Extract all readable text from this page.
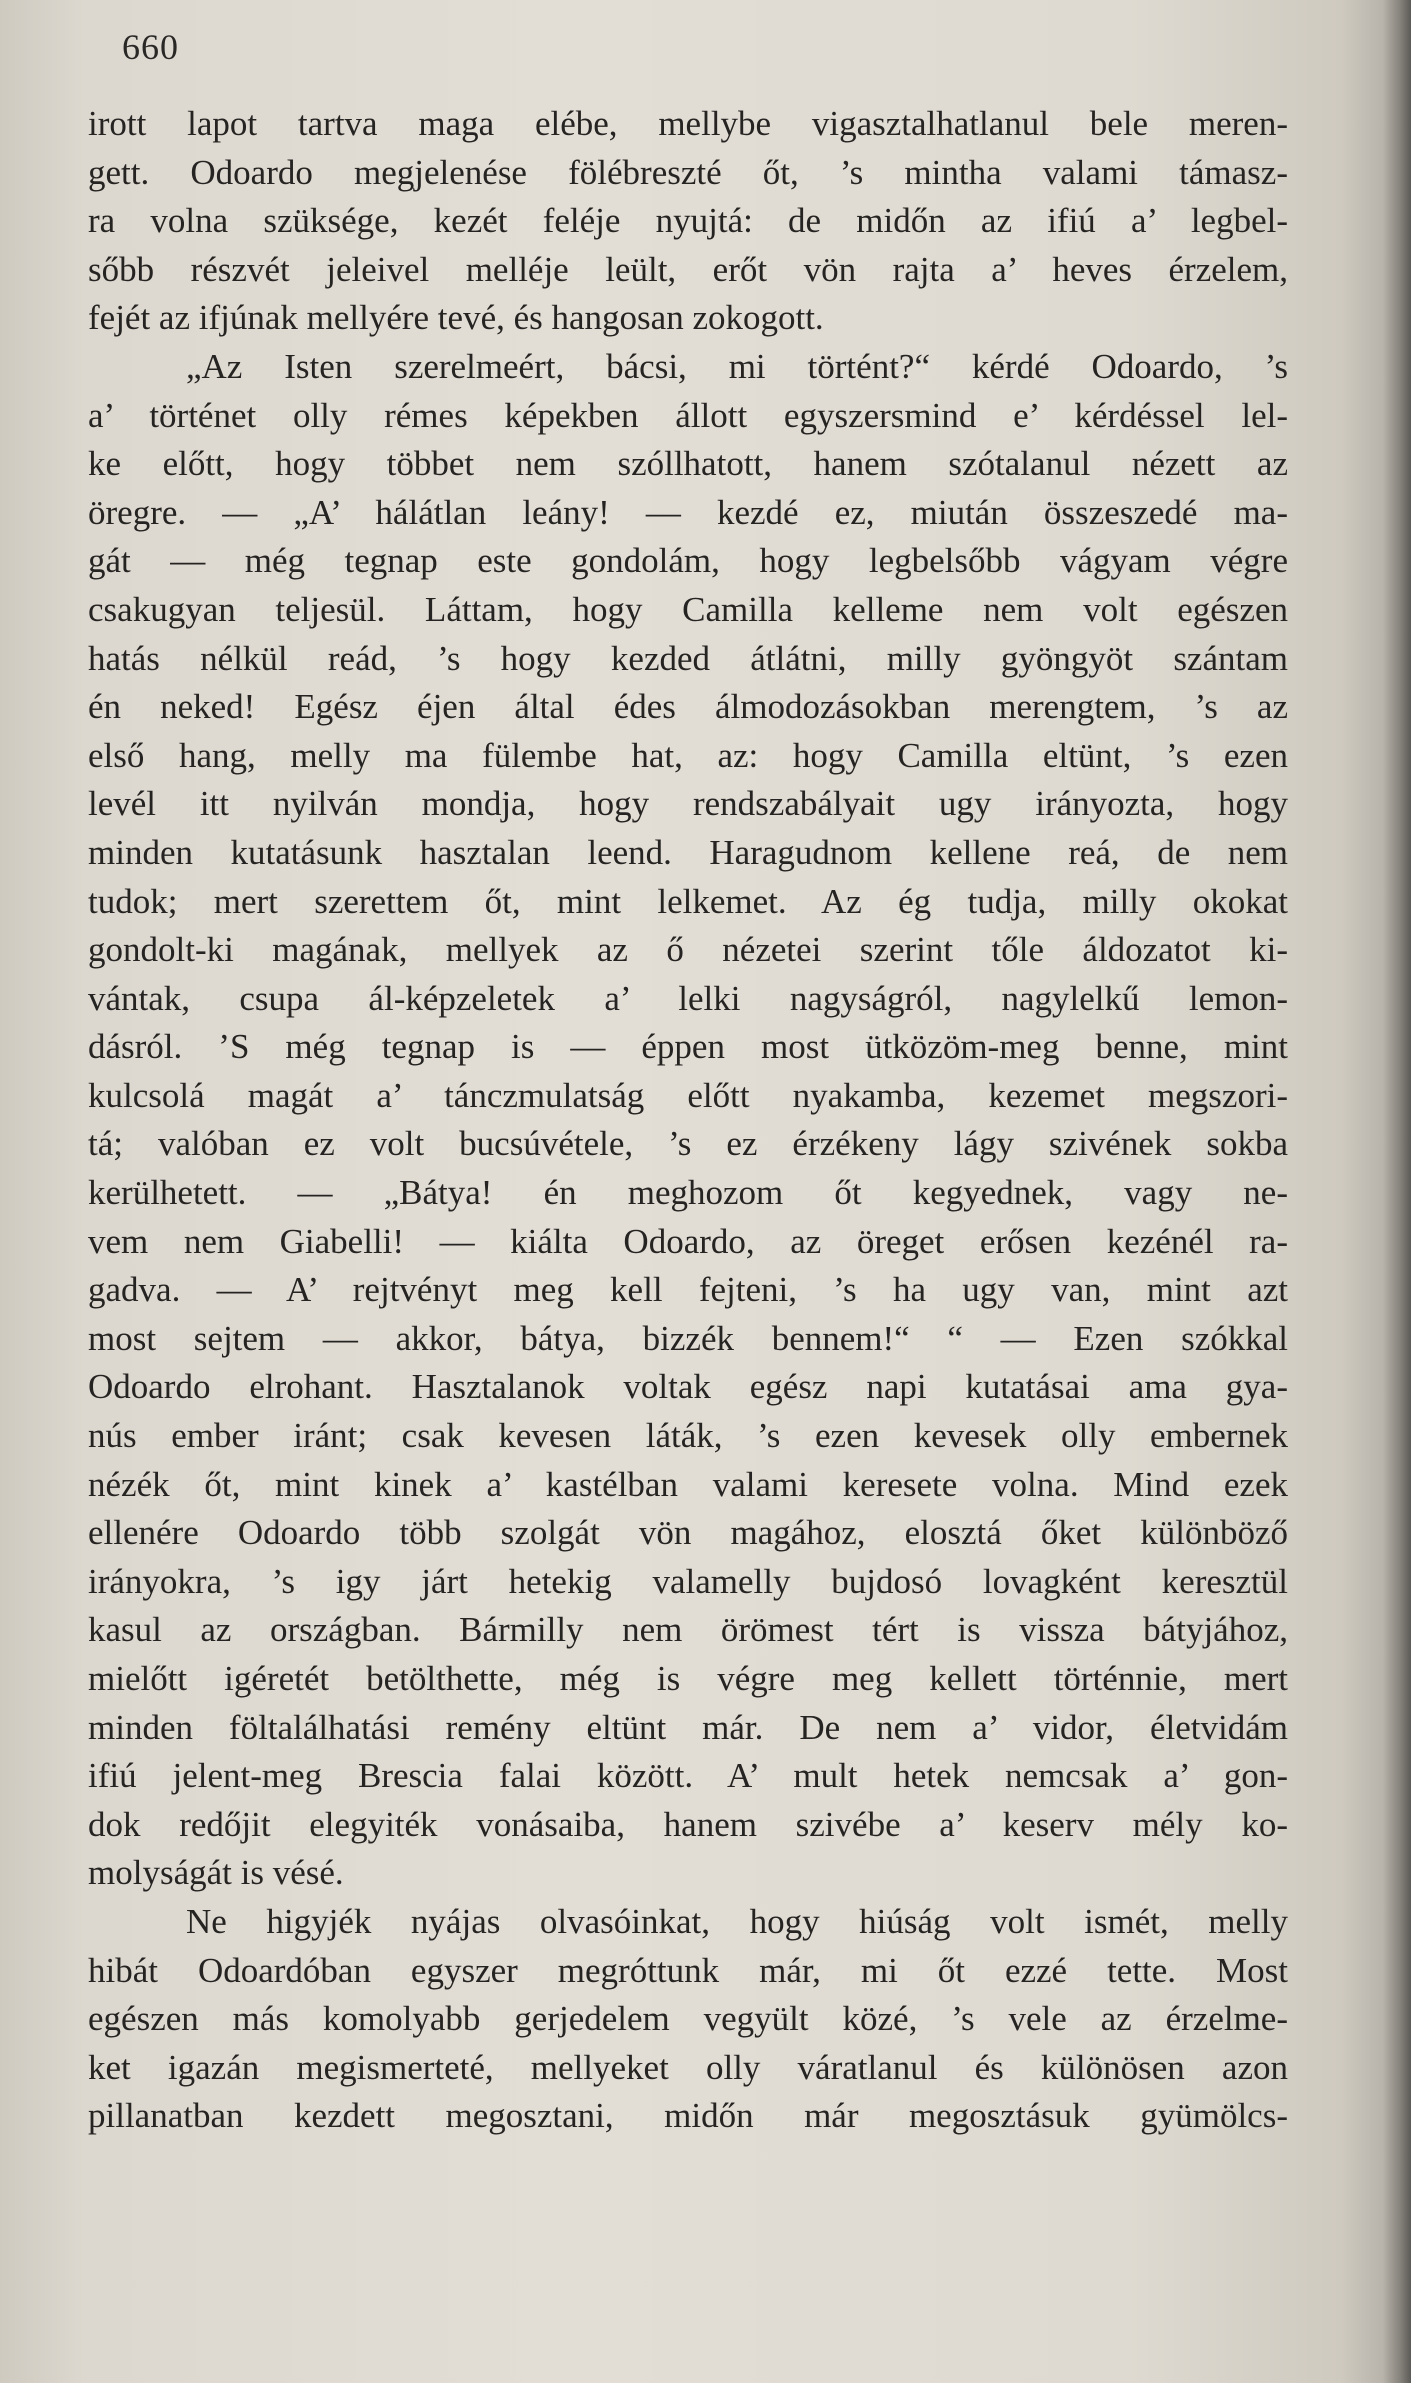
660
irott lapot tartva maga elébe, mellybe vigasztalhatlanul bele meren-
gett. Odoardo megjelenése fölébreszté őt, ’s mintha valami támasz-
ra volna szüksége, kezét feléje nyujtá: de midőn az ifiú a’ legbel-
sőbb részvét jeleivel melléje leült, erőt vön rajta a’ heves érzelem,
fejét az ifjúnak mellyére tevé, és hangosan zokogott.
„Az Isten szerelmeért, bácsi, mi történt?“ kérdé Odoardo, ’s
a’ történet olly rémes képekben állott egyszersmind e’ kérdéssel lel-
ke előtt, hogy többet nem szóllhatott, hanem szótalanul nézett az
öregre. — „A’ hálátlan leány! — kezdé ez, miután összeszedé ma-
gát — még tegnap este gondolám, hogy legbelsőbb vágyam végre
csakugyan teljesül. Láttam, hogy Camilla kelleme nem volt egészen
hatás nélkül reád, ’s hogy kezded átlátni, milly gyöngyöt szántam
én neked! Egész éjen által édes álmodozásokban merengtem, ’s az
első hang, melly ma fülembe hat, az: hogy Camilla eltünt, ’s ezen
levél itt nyilván mondja, hogy rendszabályait ugy irányozta, hogy
minden kutatásunk hasztalan leend. Haragudnom kellene reá, de nem
tudok; mert szerettem őt, mint lelkemet. Az ég tudja, milly okokat
gondolt-ki magának, mellyek az ő nézetei szerint tőle áldozatot ki-
vántak, csupa ál-képzeletek a’ lelki nagyságról, nagylelkű lemon-
dásról. ’S még tegnap is — éppen most ütközöm-meg benne, mint
kulcsolá magát a’ tánczmulatság előtt nyakamba, kezemet megszori-
tá; valóban ez volt bucsúvétele, ’s ez érzékeny lágy szivének sokba
kerülhetett. — „Bátya! én meghozom őt kegyednek, vagy ne-
vem nem Giabelli! — kiálta Odoardo, az öreget erősen kezénél ra-
gadva. — A’ rejtvényt meg kell fejteni, ’s ha ugy van, mint azt
most sejtem — akkor, bátya, bizzék bennem!“ “ — Ezen szókkal
Odoardo elrohant. Hasztalanok voltak egész napi kutatásai ama gya-
nús ember iránt; csak kevesen láták, ’s ezen kevesek olly embernek
nézék őt, mint kinek a’ kastélban valami keresete volna. Mind ezek
ellenére Odoardo több szolgát vön magához, elosztá őket különböző
irányokra, ’s igy járt hetekig valamelly bujdosó lovagként keresztül
kasul az országban. Bármilly nem örömest tért is vissza bátyjához,
mielőtt igéretét betölthette, még is végre meg kellett történnie, mert
minden föltalálhatási remény eltünt már. De nem a’ vidor, életvidám
ifiú jelent-meg Brescia falai között. A’ mult hetek nemcsak a’ gon-
dok redőjit elegyiték vonásaiba, hanem szivébe a’ keserv mély ko-
molyságát is vésé.
Ne higyjék nyájas olvasóinkat, hogy hiúság volt ismét, melly
hibát Odoardóban egyszer megróttunk már, mi őt ezzé tette. Most
egészen más komolyabb gerjedelem vegyült közé, ’s vele az érzelme-
ket igazán megismerteté, mellyeket olly váratlanul és különösen azon
pillanatban kezdett megosztani, midőn már megosztásuk gyümölcs-
